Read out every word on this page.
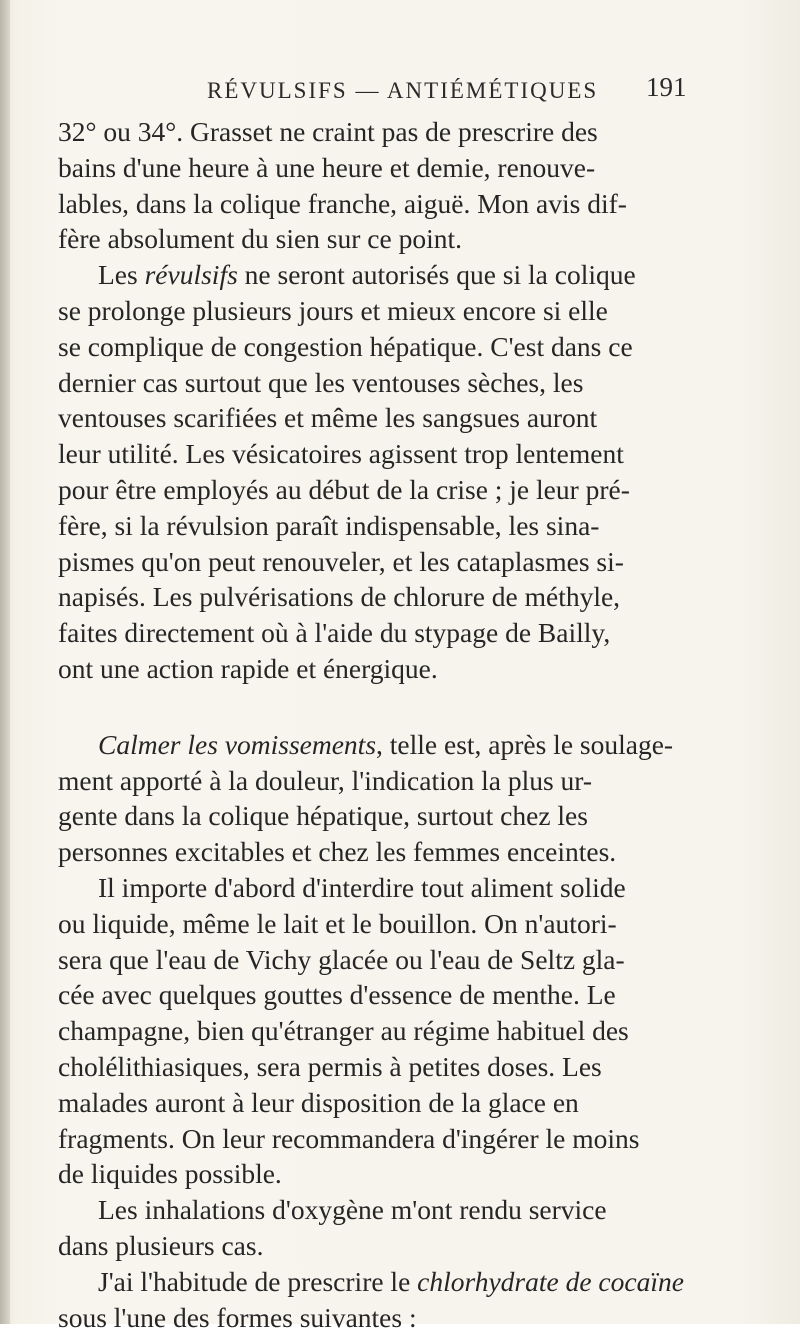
RÉVULSIFS — ANTIÉMÉTIQUES 191
32° ou 34°. Grasset ne craint pas de prescrire des
bains d'une heure à une heure et demie, renouve-
lables, dans la colique franche, aiguë. Mon avis dif-
fère absolument du sien sur ce point.
Les révulsifs ne seront autorisés que si la colique
se prolonge plusieurs jours et mieux encore si elle
se complique de congestion hépatique. C'est dans ce
dernier cas surtout que les ventouses sèches, les
ventouses scarifiées et même les sangsues auront
leur utilité. Les vésicatoires agissent trop lentement
pour être employés au début de la crise ; je leur pré-
fère, si la révulsion paraît indispensable, les sina-
pismes qu'on peut renouveler, et les cataplasmes si-
napisés. Les pulvérisations de chlorure de méthyle,
faites directement où à l'aide du stypage de Bailly,
ont une action rapide et énergique.
Calmer les vomissements, telle est, après le soulage-
ment apporté à la douleur, l'indication la plus ur-
gente dans la colique hépatique, surtout chez les
personnes excitables et chez les femmes enceintes.
Il importe d'abord d'interdire tout aliment solide
ou liquide, même le lait et le bouillon. On n'autori-
sera que l'eau de Vichy glacée ou l'eau de Seltz gla-
cée avec quelques gouttes d'essence de menthe. Le
champagne, bien qu'étranger au régime habituel des
cholélithiasiques, sera permis à petites doses. Les
malades auront à leur disposition de la glace en
fragments. On leur recommandera d'ingérer le moins
de liquides possible.
Les inhalations d'oxygène m'ont rendu service
dans plusieurs cas.
J'ai l'habitude de prescrire le chlorhydrate de cocaïne
sous l'une des formes suivantes :
